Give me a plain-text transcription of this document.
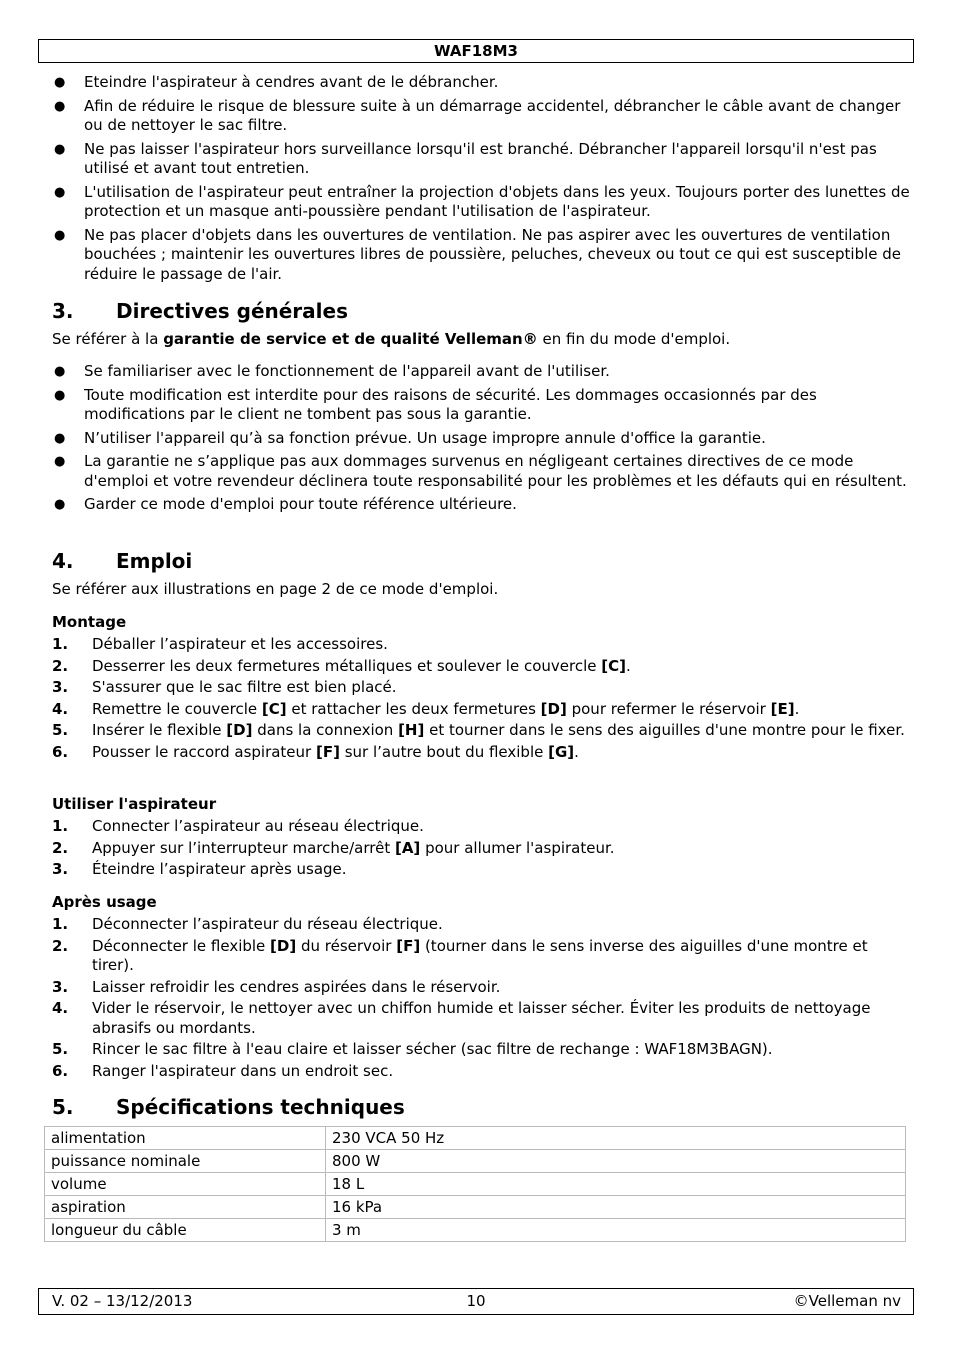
WAF18M3
● Eteindre l'aspirateur à cendres avant de le débrancher.
● Afin de réduire le risque de blessure suite à un démarrage accidentel, débrancher le câble avant de changer ou de nettoyer le sac filtre.
● Ne pas laisser l'aspirateur hors surveillance lorsqu'il est branché. Débrancher l'appareil lorsqu'il n'est pas utilisé et avant tout entretien.
● L'utilisation de l'aspirateur peut entraîner la projection d'objets dans les yeux. Toujours porter des lunettes de protection et un masque anti-poussière pendant l'utilisation de l'aspirateur.
● Ne pas placer d'objets dans les ouvertures de ventilation. Ne pas aspirer avec les ouvertures de ventilation bouchées ; maintenir les ouvertures libres de poussière, peluches, cheveux ou tout ce qui est susceptible de réduire le passage de l'air.
3. Directives générales

Se référer à la garantie de service et de qualité Velleman® en fin du mode d'emploi.

● Se familiariser avec le fonctionnement de l'appareil avant de l'utiliser.
● Toute modification est interdite pour des raisons de sécurité. Les dommages occasionnés par des modifications par le client ne tombent pas sous la garantie.
● N’utiliser l'appareil qu’à sa fonction prévue. Un usage impropre annule d'office la garantie.
● La garantie ne s’applique pas aux dommages survenus en négligeant certaines directives de ce mode d'emploi et votre revendeur déclinera toute responsabilité pour les problèmes et les défauts qui en résultent.
● Garder ce mode d'emploi pour toute référence ultérieure.
4. Emploi

Se référer aux illustrations en page 2 de ce mode d'emploi.

Montage

1. Déballer l’aspirateur et les accessoires.
2. Desserrer les deux fermetures métalliques et soulever le couvercle [C].
3. S'assurer que le sac filtre est bien placé.
4. Remettre le couvercle [C] et rattacher les deux fermetures [D] pour refermer le réservoir [E].
5. Insérer le flexible [D] dans la connexion [H] et tourner dans le sens des aiguilles d'une montre pour le fixer.
6. Pousser le raccord aspirateur [F] sur l’autre bout du flexible [G].

Utiliser l'aspirateur

1. Connecter l’aspirateur au réseau électrique.
2. Appuyer sur l’interrupteur marche/arrêt [A] pour allumer l'aspirateur.
3. Éteindre l’aspirateur après usage.

Après usage

1. Déconnecter l’aspirateur du réseau électrique.
2. Déconnecter le flexible [D] du réservoir [F] (tourner dans le sens inverse des aiguilles d'une montre et tirer).
3. Laisser refroidir les cendres aspirées dans le réservoir.
4. Vider le réservoir, le nettoyer avec un chiffon humide et laisser sécher. Éviter les produits de nettoyage abrasifs ou mordants.
5. Rincer le sac filtre à l'eau claire et laisser sécher (sac filtre de rechange : WAF18M3BAGN).
6. Ranger l'aspirateur dans un endroit sec.
5. Spécifications techniques
alimentation	230 VCA 50 Hz
puissance nominale	800 W
volume	18 L
aspiration	16 kPa
longueur du câble	3 m
V. 02 – 13/12/2013	10	©Velleman nv
